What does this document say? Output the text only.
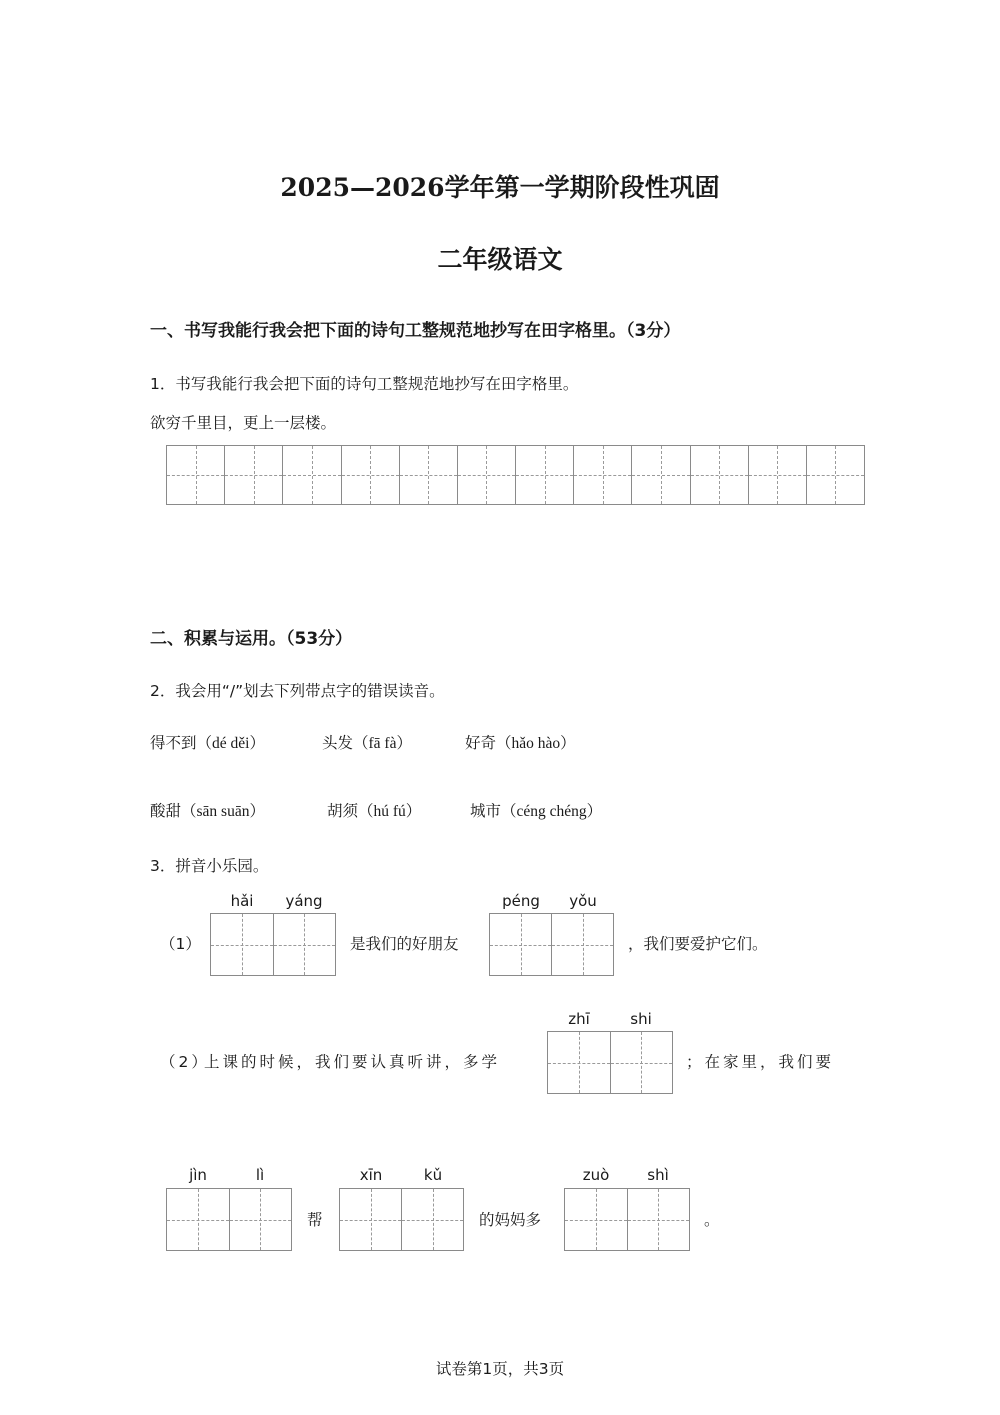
2025—2026学年第一学期阶段性巩固
二年级语文
一、书写我能行我会把下面的诗句工整规范地抄写在田字格里。（3分）
1．书写我能行我会把下面的诗句工整规范地抄写在田字格里。
欲穷千里目，更上一层楼。
二、积累与运用。（53分）
2．我会用“/”划去下列带点字的错误读音。
得不到（dé děi）	头发（fā fà）	好奇（hǎo hào）
酸甜（sān suān）	胡须（hú fú）	城市（céng chéng）
3．拼音小乐园。
（1）
hǎi	yáng
是我们的好朋友
péng	yǒu
，我们要爱护它们。
（2）
上课的时候，我们要认真听讲，多学
zhī	shi
；在家里，我们要
jìn	lì
帮
xīn	kǔ
的妈妈多
zuò	shì
。
试卷第1页，共3页
